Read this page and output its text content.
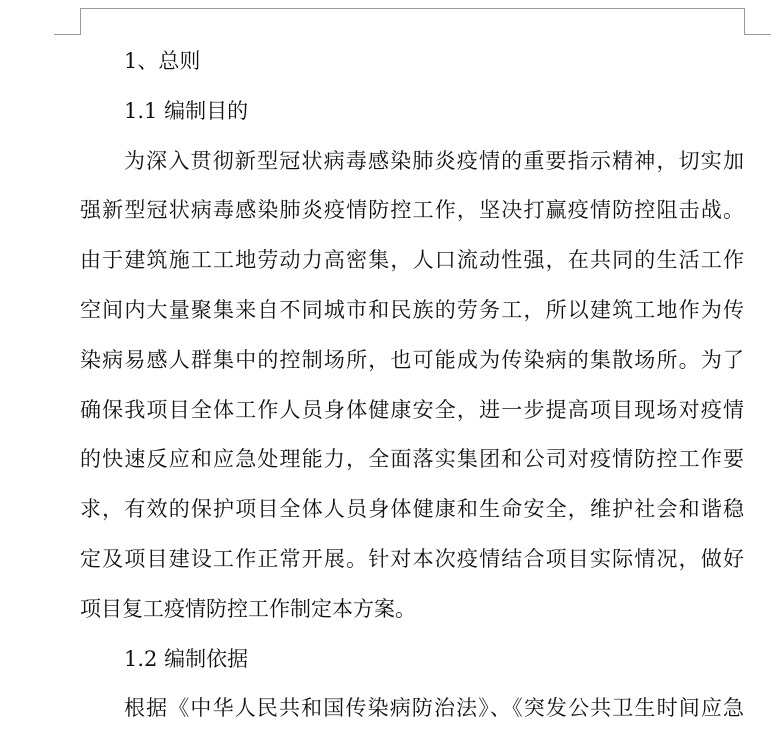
1、总则
1.1 编制目的
为深入贯彻新型冠状病毒感染肺炎疫情的重要指示精神，切实加
强新型冠状病毒感染肺炎疫情防控工作，坚决打赢疫情防控阻击战。
由于建筑施工工地劳动力高密集，人口流动性强，在共同的生活工作
空间内大量聚集来自不同城市和民族的劳务工，所以建筑工地作为传
染病易感人群集中的控制场所，也可能成为传染病的集散场所。为了
确保我项目全体工作人员身体健康安全，进一步提高项目现场对疫情
的快速反应和应急处理能力，全面落实集团和公司对疫情防控工作要
求，有效的保护项目全体人员身体健康和生命安全，维护社会和谐稳
定及项目建设工作正常开展。针对本次疫情结合项目实际情况，做好
项目复工疫情防控工作制定本方案。
1.2 编制依据
根据《中华人民共和国传染病防治法》、《突发公共卫生时间应急
